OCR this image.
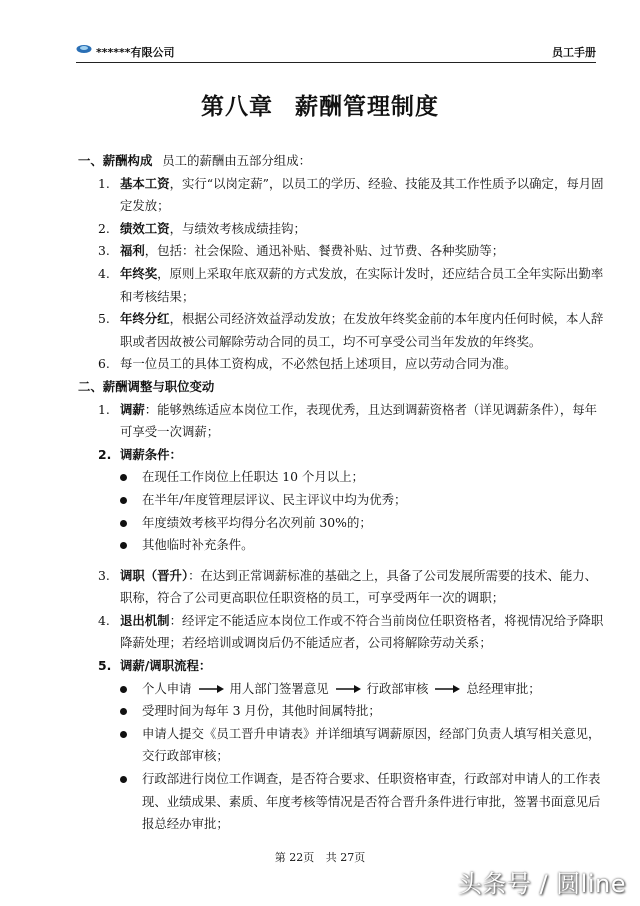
******有限公司	员工手册
第八章 薪酬管理制度
一、薪酬构成 员工的薪酬由五部分组成：
1. 基本工资，实行“以岗定薪”，以员工的学历、经验、技能及其工作性质予以确定，每月固定发放；
2. 绩效工资，与绩效考核成绩挂钩；
3. 福利，包括：社会保险、通迅补贴、餐费补贴、过节费、各种奖励等；
4. 年终奖，原则上采取年底双薪的方式发放，在实际计发时，还应结合员工全年实际出勤率和考核结果；
5. 年终分红，根据公司经济效益浮动发放；在发放年终奖金前的本年度内任何时候，本人辞职或者因故被公司解除劳动合同的员工，均不可享受公司当年发放的年终奖。
6. 每一位员工的具体工资构成，不必然包括上述项目，应以劳动合同为准。
二、薪酬调整与职位变动
1. 调薪：能够熟练适应本岗位工作，表现优秀，且达到调薪资格者（详见调薪条件），每年可享受一次调薪；
2. 调薪条件：
在现任工作岗位上任职达 10 个月以上；
在半年/年度管理层评议、民主评议中均为优秀；
年度绩效考核平均得分名次列前 30%的；
其他临时补充条件。
3. 调职（晋升）：在达到正常调薪标准的基础之上，具备了公司发展所需要的技术、能力、职称，符合了公司更高职位任职资格的员工，可享受两年一次的调职；
4. 退出机制：经评定不能适应本岗位工作或不符合当前岗位任职资格者，将视情况给予降职降薪处理；若经培训或调岗后仍不能适应者，公司将解除劳动关系；
5. 调薪/调职流程：
个人申请	用人部门签署意见	行政部审核	总经理审批；
受理时间为每年 3 月份，其他时间属特批；
申请人提交《员工晋升申请表》并详细填写调薪原因，经部门负责人填写相关意见，交行政部审核；
行政部进行岗位工作调查，是否符合要求、任职资格审查，行政部对申请人的工作表现、业绩成果、素质、年度考核等情况是否符合晋升条件进行审批，签署书面意见后报总经办审批；
第 22页 共 27页
头条号 / 圆line
